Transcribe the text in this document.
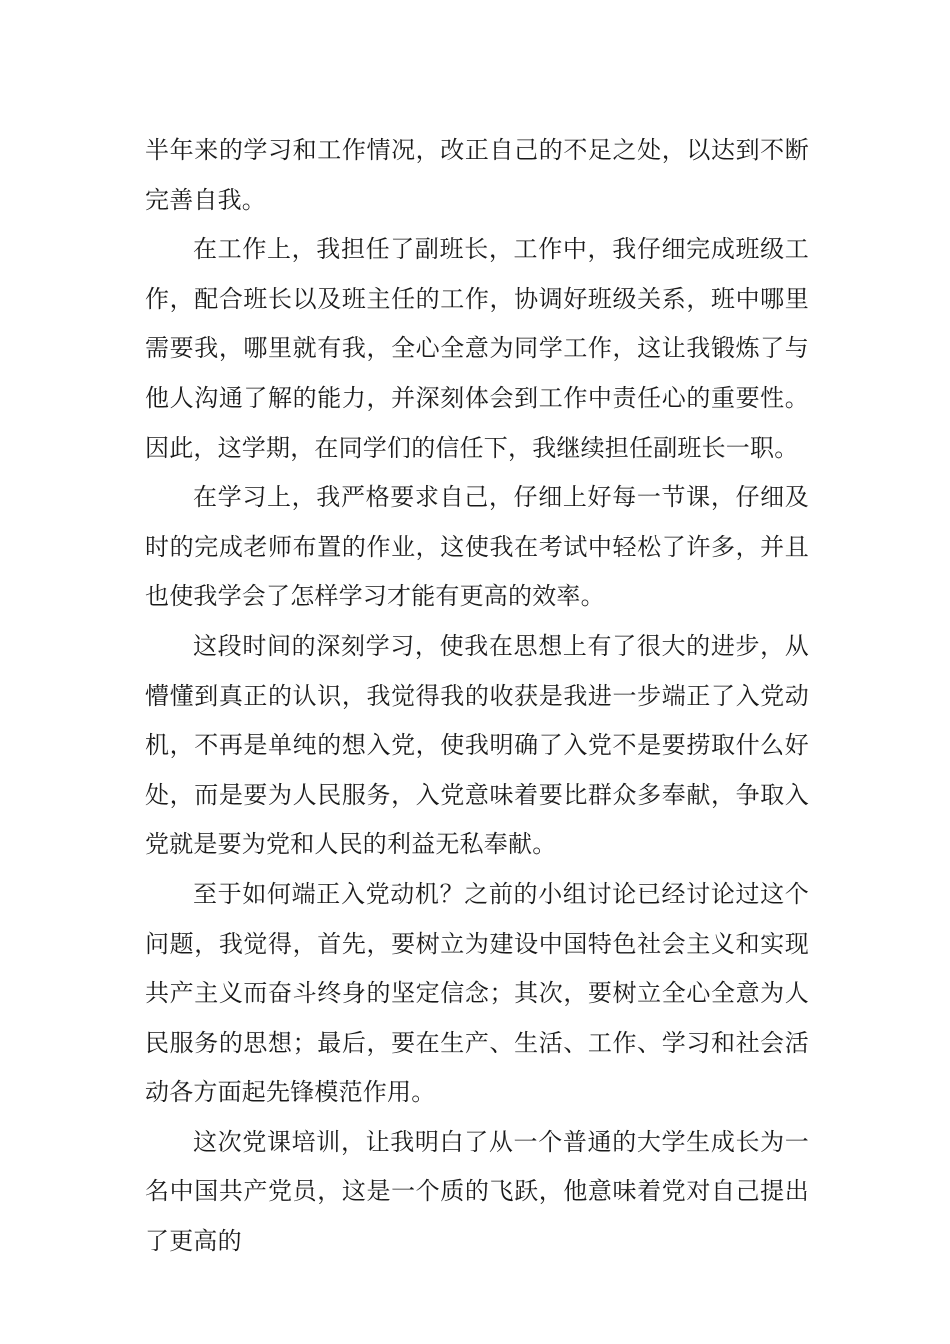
半年来的学习和工作情况，改正自己的不足之处，以达到不断完善自我。

在工作上，我担任了副班长，工作中，我仔细完成班级工作，配合班长以及班主任的工作，协调好班级关系，班中哪里需要我，哪里就有我，全心全意为同学工作，这让我锻炼了与他人沟通了解的能力，并深刻体会到工作中责任心的重要性。因此，这学期，在同学们的信任下，我继续担任副班长一职。

在学习上，我严格要求自己，仔细上好每一节课，仔细及时的完成老师布置的作业，这使我在考试中轻松了许多，并且也使我学会了怎样学习才能有更高的效率。

这段时间的深刻学习，使我在思想上有了很大的进步，从懵懂到真正的认识，我觉得我的收获是我进一步端正了入党动机，不再是单纯的想入党，使我明确了入党不是要捞取什么好处，而是要为人民服务，入党意味着要比群众多奉献，争取入党就是要为党和人民的利益无私奉献。

至于如何端正入党动机？之前的小组讨论已经讨论过这个问题，我觉得，首先，要树立为建设中国特色社会主义和实现共产主义而奋斗终身的坚定信念；其次，要树立全心全意为人民服务的思想；最后，要在生产、生活、工作、学习和社会活动各方面起先锋模范作用。

这次党课培训，让我明白了从一个普通的大学生成长为一名中国共产党员，这是一个质的飞跃，他意味着党对自己提出了更高的
